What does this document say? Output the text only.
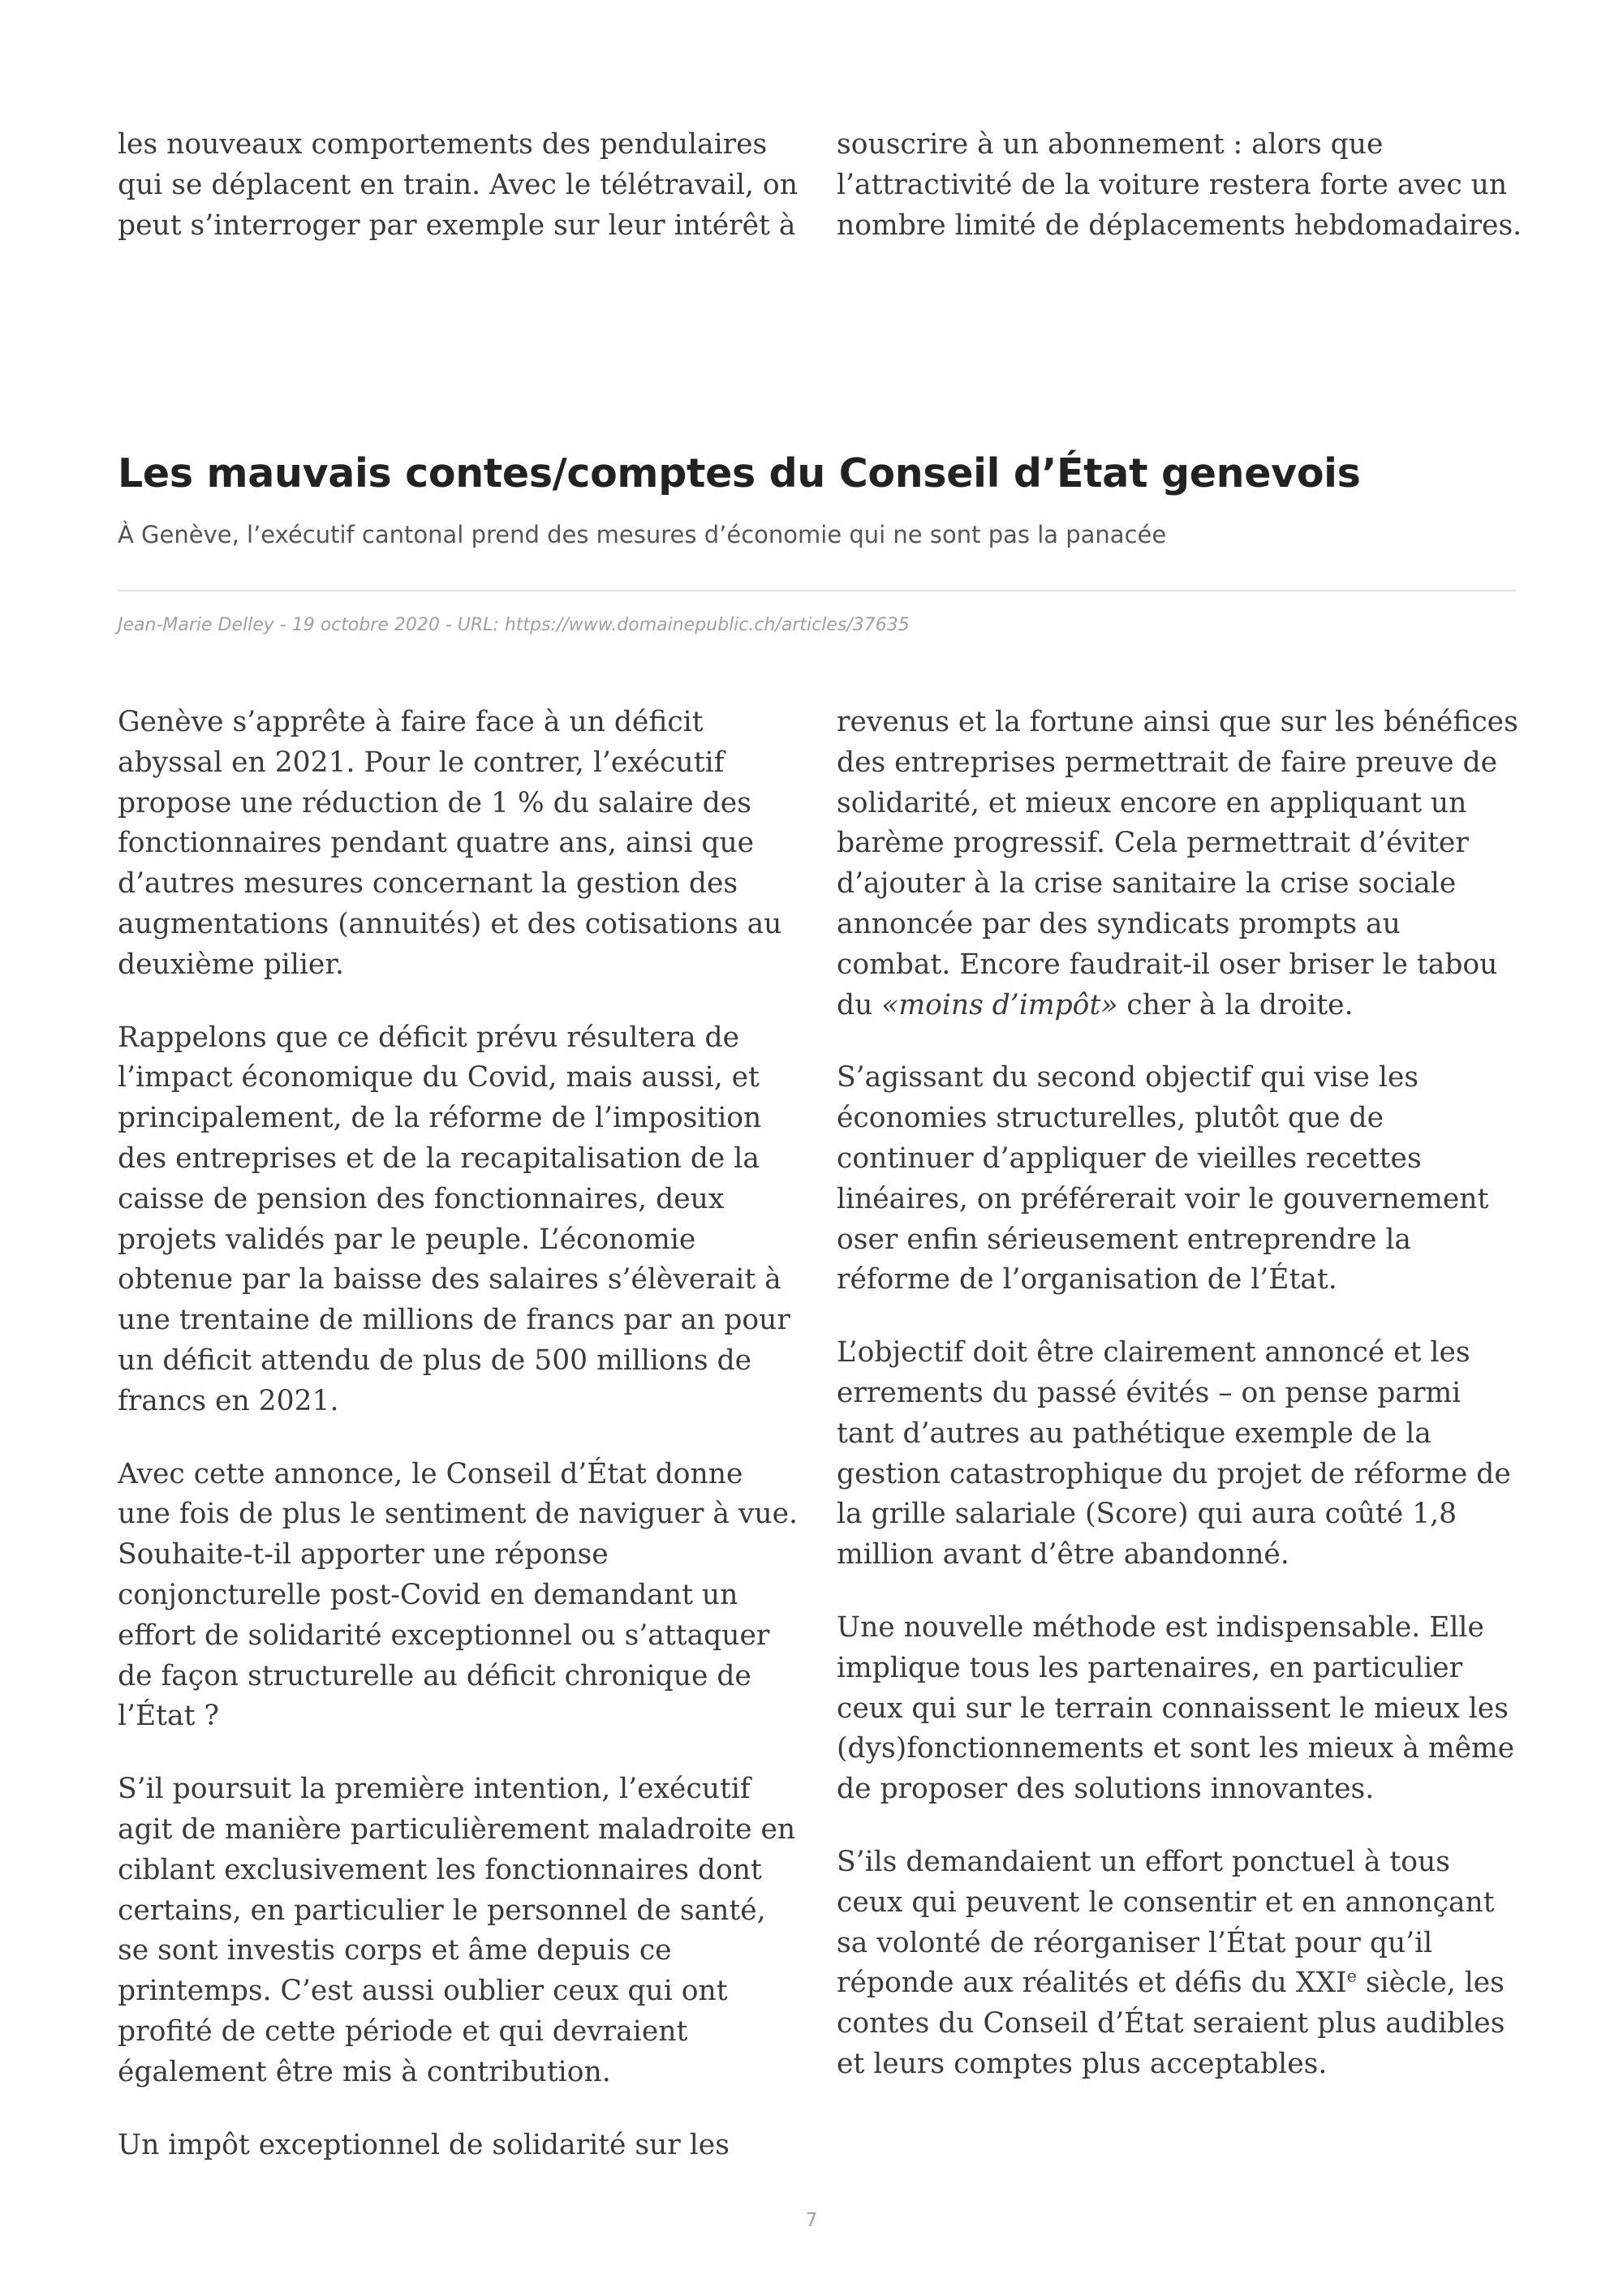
les nouveaux comportements des pendulaires qui se déplacent en train. Avec le télétravail, on peut s’interroger par exemple sur leur intérêt à

souscrire à un abonnement : alors que l’attractivité de la voiture restera forte avec un nombre limité de déplacements hebdomadaires.

Les mauvais contes/comptes du Conseil d’État genevois

À Genève, l’exécutif cantonal prend des mesures d’économie qui ne sont pas la panacée

Jean-Marie Delley - 19 octobre 2020 - URL: https://www.domainepublic.ch/articles/37635

Genève s’apprête à faire face à un déficit abyssal en 2021. Pour le contrer, l’exécutif propose une réduction de 1 % du salaire des fonctionnaires pendant quatre ans, ainsi que d’autres mesures concernant la gestion des augmentations (annuités) et des cotisations au deuxième pilier.

Rappelons que ce déficit prévu résultera de l’impact économique du Covid, mais aussi, et principalement, de la réforme de l’imposition des entreprises et de la recapitalisation de la caisse de pension des fonctionnaires, deux projets validés par le peuple. L’économie obtenue par la baisse des salaires s’élèverait à une trentaine de millions de francs par an pour un déficit attendu de plus de 500 millions de francs en 2021.

Avec cette annonce, le Conseil d’État donne une fois de plus le sentiment de naviguer à vue. Souhaite-t-il apporter une réponse conjoncturelle post-Covid en demandant un effort de solidarité exceptionnel ou s’attaquer de façon structurelle au déficit chronique de l’État ?

S’il poursuit la première intention, l’exécutif agit de manière particulièrement maladroite en ciblant exclusivement les fonctionnaires dont certains, en particulier le personnel de santé, se sont investis corps et âme depuis ce printemps. C’est aussi oublier ceux qui ont profité de cette période et qui devraient également être mis à contribution.

Un impôt exceptionnel de solidarité sur les

revenus et la fortune ainsi que sur les bénéfices des entreprises permettrait de faire preuve de solidarité, et mieux encore en appliquant un barème progressif. Cela permettrait d’éviter d’ajouter à la crise sanitaire la crise sociale annoncée par des syndicats prompts au combat. Encore faudrait-il oser briser le tabou du «moins d’impôt» cher à la droite.

S’agissant du second objectif qui vise les économies structurelles, plutôt que de continuer d’appliquer de vieilles recettes linéaires, on préférerait voir le gouvernement oser enfin sérieusement entreprendre la réforme de l’organisation de l’État.

L’objectif doit être clairement annoncé et les errements du passé évités – on pense parmi tant d’autres au pathétique exemple de la gestion catastrophique du projet de réforme de la grille salariale (Score) qui aura coûté 1,8 million avant d’être abandonné.

Une nouvelle méthode est indispensable. Elle implique tous les partenaires, en particulier ceux qui sur le terrain connaissent le mieux les (dys)fonctionnements et sont les mieux à même de proposer des solutions innovantes.

S’ils demandaient un effort ponctuel à tous ceux qui peuvent le consentir et en annonçant sa volonté de réorganiser l’État pour qu’il réponde aux réalités et défis du XXIe siècle, les contes du Conseil d’État seraient plus audibles et leurs comptes plus acceptables.

7
